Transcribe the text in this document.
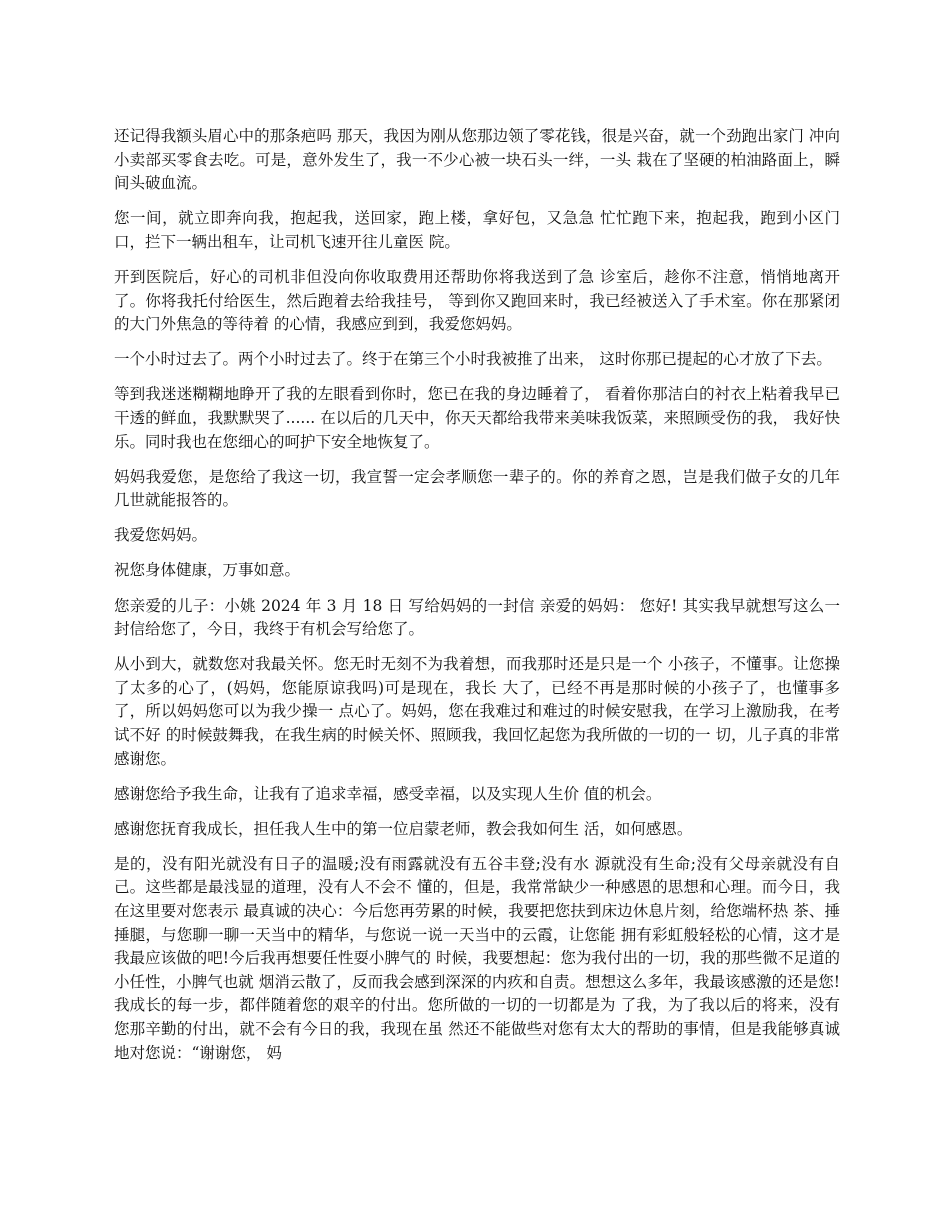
还记得我额头眉心中的那条疤吗 那天，我因为刚从您那边领了零花钱，很是兴奋，就一个劲跑出家门 冲向小卖部买零食去吃。可是，意外发生了，我一不少心被一块石头一绊，一头 栽在了坚硬的柏油路面上，瞬间头破血流。

您一间，就立即奔向我，抱起我，送回家，跑上楼，拿好包，又急急 忙忙跑下来，抱起我，跑到小区门口，拦下一辆出租车，让司机飞速开往儿童医 院。

开到医院后，好心的司机非但没向你收取费用还帮助你将我送到了急 诊室后，趁你不注意，悄悄地离开了。你将我托付给医生，然后跑着去给我挂号， 等到你又跑回来时，我已经被送入了手术室。你在那紧闭的大门外焦急的等待着 的心情，我感应到到，我爱您妈妈。

一个小时过去了。两个小时过去了。终于在第三个小时我被推了出来， 这时你那已提起的心才放了下去。

等到我迷迷糊糊地睁开了我的左眼看到你时，您已在我的身边睡着了， 看着你那洁白的衬衣上粘着我早已干透的鲜血，我默默哭了...... 在以后的几天中，你天天都给我带来美味我饭菜，来照顾受伤的我， 我好快乐。同时我也在您细心的呵护下安全地恢复了。

妈妈我爱您，是您给了我这一切，我宣誓一定会孝顺您一辈子的。你的养育之恩，岂是我们做子女的几年几世就能报答的。

我爱您妈妈。

祝您身体健康，万事如意。

您亲爱的儿子：小姚 2024 年 3 月 18 日 写给妈妈的一封信 亲爱的妈妈： 您好! 其实我早就想写这么一封信给您了，今日，我终于有机会写给您了。

从小到大，就数您对我最关怀。您无时无刻不为我着想，而我那时还是只是一个 小孩子，不懂事。让您操了太多的心了，(妈妈，您能原谅我吗)可是现在，我长 大了，已经不再是那时候的小孩子了，也懂事多了，所以妈妈您可以为我少操一 点心了。妈妈，您在我难过和难过的时候安慰我，在学习上激励我，在考试不好 的时候鼓舞我，在我生病的时候关怀、照顾我，我回忆起您为我所做的一切的一 切，儿子真的非常感谢您。

感谢您给予我生命，让我有了追求幸福，感受幸福，以及实现人生价 值的机会。

感谢您抚育我成长，担任我人生中的第一位启蒙老师，教会我如何生 活，如何感恩。

是的，没有阳光就没有日子的温暖;没有雨露就没有五谷丰登;没有水 源就没有生命;没有父母亲就没有自己。这些都是最浅显的道理，没有人不会不 懂的，但是，我常常缺少一种感恩的思想和心理。而今日，我在这里要对您表示 最真诚的决心：今后您再劳累的时候，我要把您扶到床边休息片刻，给您端杯热 茶、捶捶腿，与您聊一聊一天当中的精华，与您说一说一天当中的云霞，让您能 拥有彩虹般轻松的心情，这才是我最应该做的吧!今后我再想要任性耍小脾气的 时候，我要想起：您为我付出的一切，我的那些微不足道的小任性，小脾气也就 烟消云散了，反而我会感到深深的内疚和自责。想想这么多年，我最该感激的还是您!我成长的每一步，都伴随着您的艰辛的付出。您所做的一切的一切都是为 了我，为了我以后的将来，没有您那辛勤的付出，就不会有今日的我，我现在虽 然还不能做些对您有太大的帮助的事情，但是我能够真诚地对您说：“谢谢您， 妈
